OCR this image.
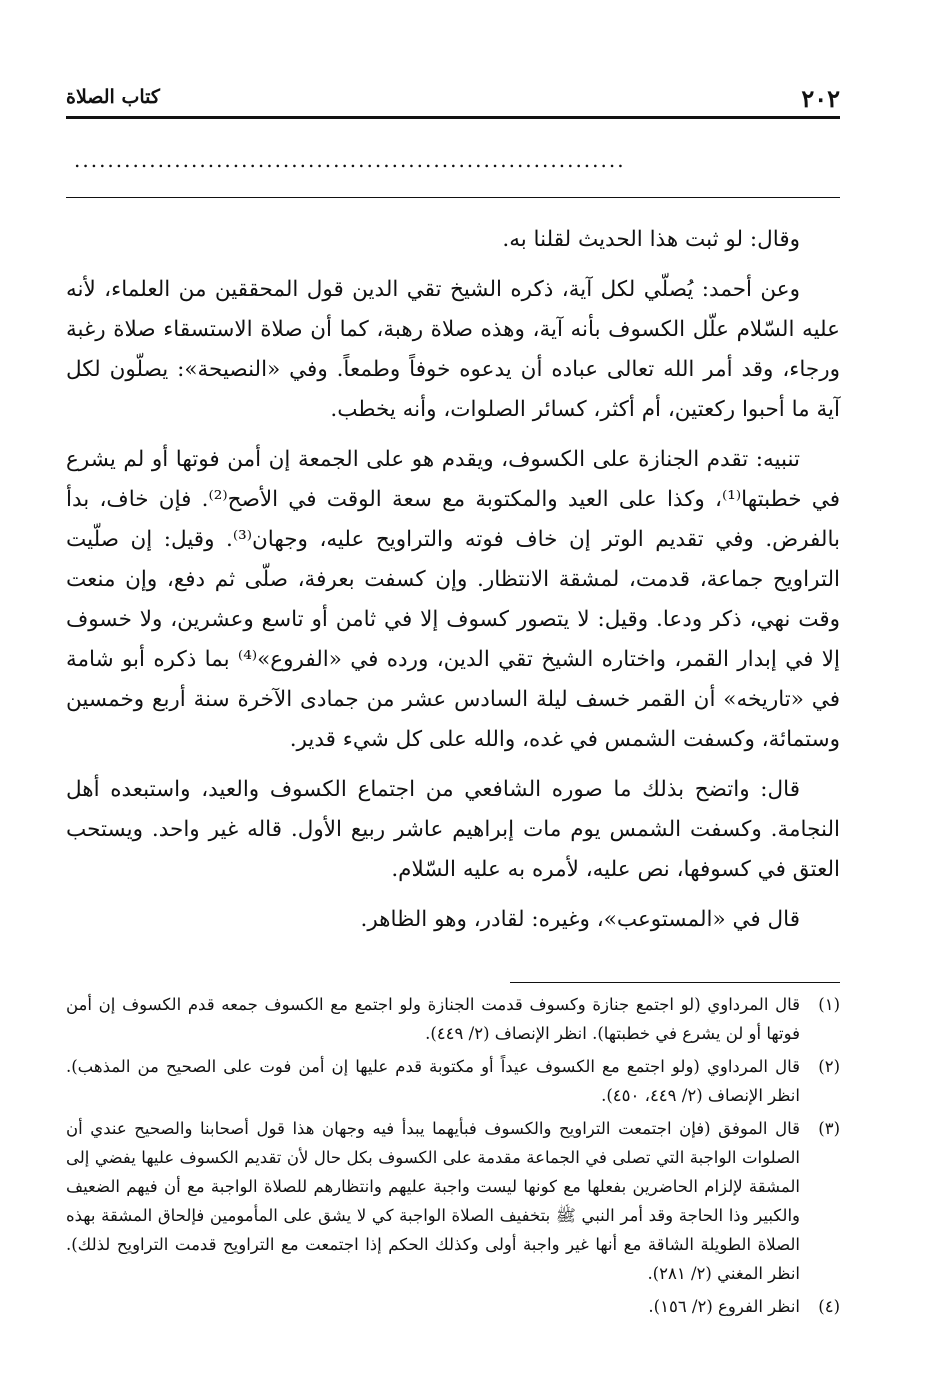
٢٠٢
كتاب الصلاة
..................................................................

وقال: لو ثبت هذا الحديث لقلنا به.

وعن أحمد: يُصلّي لكل آية، ذكره الشيخ تقي الدين قول المحققين من العلماء، لأنه عليه السّلام علّل الكسوف بأنه آية، وهذه صلاة رهبة، كما أن صلاة الاستسقاء صلاة رغبة ورجاء، وقد أمر الله تعالى عباده أن يدعوه خوفاً وطمعاً. وفي «النصيحة»: يصلّون لكل آية ما أحبوا ركعتين، أم أكثر، كسائر الصلوات، وأنه يخطب.

تنبيه: تقدم الجنازة على الكسوف، ويقدم هو على الجمعة إن أمن فوتها أو لم يشرع في خطبتها⁽¹⁾، وكذا على العيد والمكتوبة مع سعة الوقت في الأصح⁽²⁾. فإن خاف، بدأ بالفرض. وفي تقديم الوتر إن خاف فوته والتراويح عليه، وجهان⁽³⁾. وقيل: إن صلّيت التراويح جماعة، قدمت، لمشقة الانتظار. وإن كسفت بعرفة، صلّى ثم دفع، وإن منعت وقت نهي، ذكر ودعا. وقيل: لا يتصور كسوف إلا في ثامن أو تاسع وعشرين، ولا خسوف إلا في إبدار القمر، واختاره الشيخ تقي الدين، ورده في «الفروع»⁽⁴⁾ بما ذكره أبو شامة في «تاريخه» أن القمر خسف ليلة السادس عشر من جمادى الآخرة سنة أربع وخمسين وستمائة، وكسفت الشمس في غده، والله على كل شيء قدير.

قال: واتضح بذلك ما صوره الشافعي من اجتماع الكسوف والعيد، واستبعده أهل النجامة. وكسفت الشمس يوم مات إبراهيم عاشر ربيع الأول. قاله غير واحد. ويستحب العتق في كسوفها، نص عليه، لأمره به عليه السّلام.

قال في «المستوعب»، وغيره: لقادر، وهو الظاهر.

(١)
قال المرداوي (لو اجتمع جنازة وكسوف قدمت الجنازة ولو اجتمع مع الكسوف جمعه قدم الكسوف إن أمن فوتها أو لن يشرع في خطبتها). انظر الإنصاف (٢/ ٤٤٩).
(٢)
قال المرداوي (ولو اجتمع مع الكسوف عيداً أو مكتوبة قدم عليها إن أمن فوت على الصحيح من المذهب). انظر الإنصاف (٢/ ٤٤٩، ٤٥٠).
(٣)
قال الموفق (فإن اجتمعت التراويح والكسوف فبأيهما يبدأ فيه وجهان هذا قول أصحابنا والصحيح عندي أن الصلوات الواجبة التي تصلى في الجماعة مقدمة على الكسوف بكل حال لأن تقديم الكسوف عليها يفضي إلى المشقة لإلزام الحاضرين بفعلها مع كونها ليست واجبة عليهم وانتظارهم للصلاة الواجبة مع أن فيهم الضعيف والكبير وذا الحاجة وقد أمر النبي ﷺ بتخفيف الصلاة الواجبة كي لا يشق على المأمومين فإلحاق المشقة بهذه الصلاة الطويلة الشاقة مع أنها غير واجبة أولى وكذلك الحكم إذا اجتمعت مع التراويح قدمت التراويح لذلك). انظر المغني (٢/ ٢٨١).
(٤)
انظر الفروع (٢/ ١٥٦).
